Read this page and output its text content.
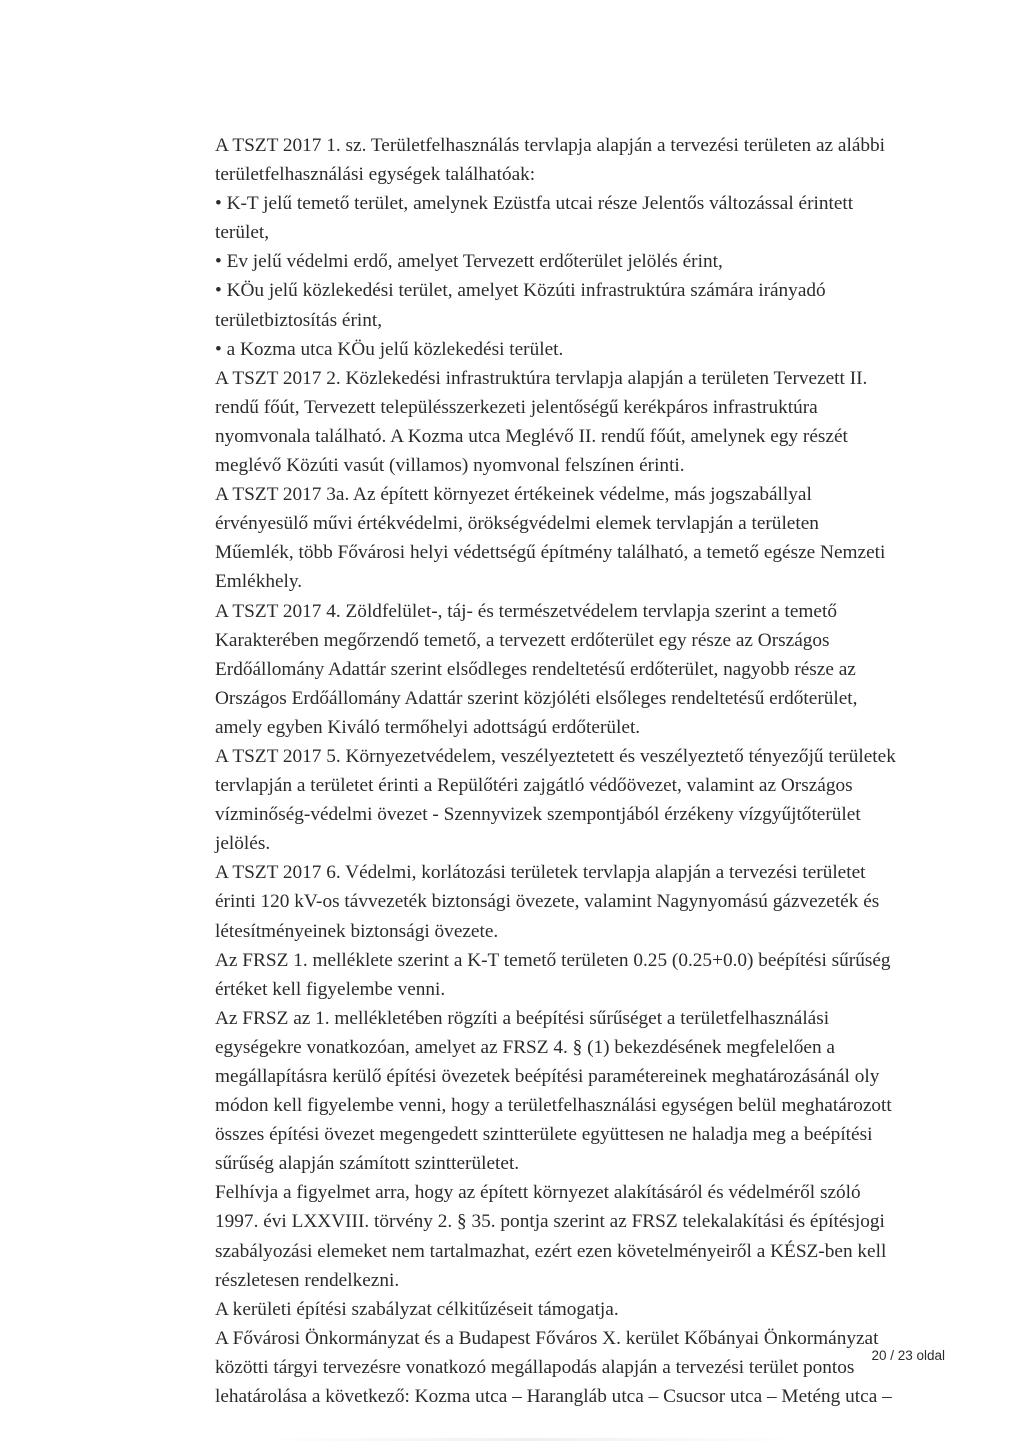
A TSZT 2017 1. sz. Területfelhasználás tervlapja alapján a tervezési területen az alábbi
területfelhasználási egységek találhatóak:
• K-T jelű temető terület, amelynek Ezüstfa utcai része Jelentős változással érintett
terület,
• Ev jelű védelmi erdő, amelyet Tervezett erdőterület jelölés érint,
• KÖu jelű közlekedési terület, amelyet Közúti infrastruktúra számára irányadó
területbiztosítás érint,
• a Kozma utca KÖu jelű közlekedési terület.
A TSZT 2017 2. Közlekedési infrastruktúra tervlapja alapján a területen Tervezett II.
rendű főút, Tervezett településszerkezeti jelentőségű kerékpáros infrastruktúra
nyomvonala található. A Kozma utca Meglévő II. rendű főút, amelynek egy részét
meglévő Közúti vasút (villamos) nyomvonal felszínen érinti.
A TSZT 2017 3a. Az épített környezet értékeinek védelme, más jogszabállyal
érvényesülő művi értékvédelmi, örökségvédelmi elemek tervlapján a területen
Műemlék, több Fővárosi helyi védettségű építmény található, a temető egésze Nemzeti
Emlékhely.
A TSZT 2017 4. Zöldfelület-, táj- és természetvédelem tervlapja szerint a temető
Karakterében megőrzendő temető, a tervezett erdőterület egy része az Országos
Erdőállomány Adattár szerint elsődleges rendeltetésű erdőterület, nagyobb része az
Országos Erdőállomány Adattár szerint közjóléti elsőleges rendeltetésű erdőterület,
amely egyben Kiváló termőhelyi adottságú erdőterület.
A TSZT 2017 5. Környezetvédelem, veszélyeztetett és veszélyeztető tényezőjű területek
tervlapján a területet érinti a Repülőtéri zajgátló védőövezet, valamint az Országos
vízminőség-védelmi övezet - Szennyvizek szempontjából érzékeny vízgyűjtőterület
jelölés.
A TSZT 2017 6. Védelmi, korlátozási területek tervlapja alapján a tervezési területet
érinti 120 kV-os távvezeték biztonsági övezete, valamint Nagynyomású gázvezeték és
létesítményeinek biztonsági övezete.
Az FRSZ 1. melléklete szerint a K-T temető területen 0.25 (0.25+0.0) beépítési sűrűség
értéket kell figyelembe venni.
Az FRSZ az 1. mellékletében rögzíti a beépítési sűrűséget a területfelhasználási
egységekre vonatkozóan, amelyet az FRSZ 4. § (1) bekezdésének megfelelően a
megállapításra kerülő építési övezetek beépítési paramétereinek meghatározásánál oly
módon kell figyelembe venni, hogy a területfelhasználási egységen belül meghatározott
összes építési övezet megengedett szintterülete együttesen ne haladja meg a beépítési
sűrűség alapján számított szintterületet.
Felhívja a figyelmet arra, hogy az épített környezet alakításáról és védelméről szóló
1997. évi LXXVIII. törvény 2. § 35. pontja szerint az FRSZ telekalakítási és építésjogi
szabályozási elemeket nem tartalmazhat, ezért ezen követelményeiről a KÉSZ-ben kell
részletesen rendelkezni.
A kerületi építési szabályzat célkitűzéseit támogatja.
A Fővárosi Önkormányzat és a Budapest Főváros X. kerület Kőbányai Önkormányzat
közötti tárgyi tervezésre vonatkozó megállapodás alapján a tervezési terület pontos
lehatárolása a következő: Kozma utca – Harangláb utca – Csucsor utca – Meténg utca –
20 / 23 oldal
